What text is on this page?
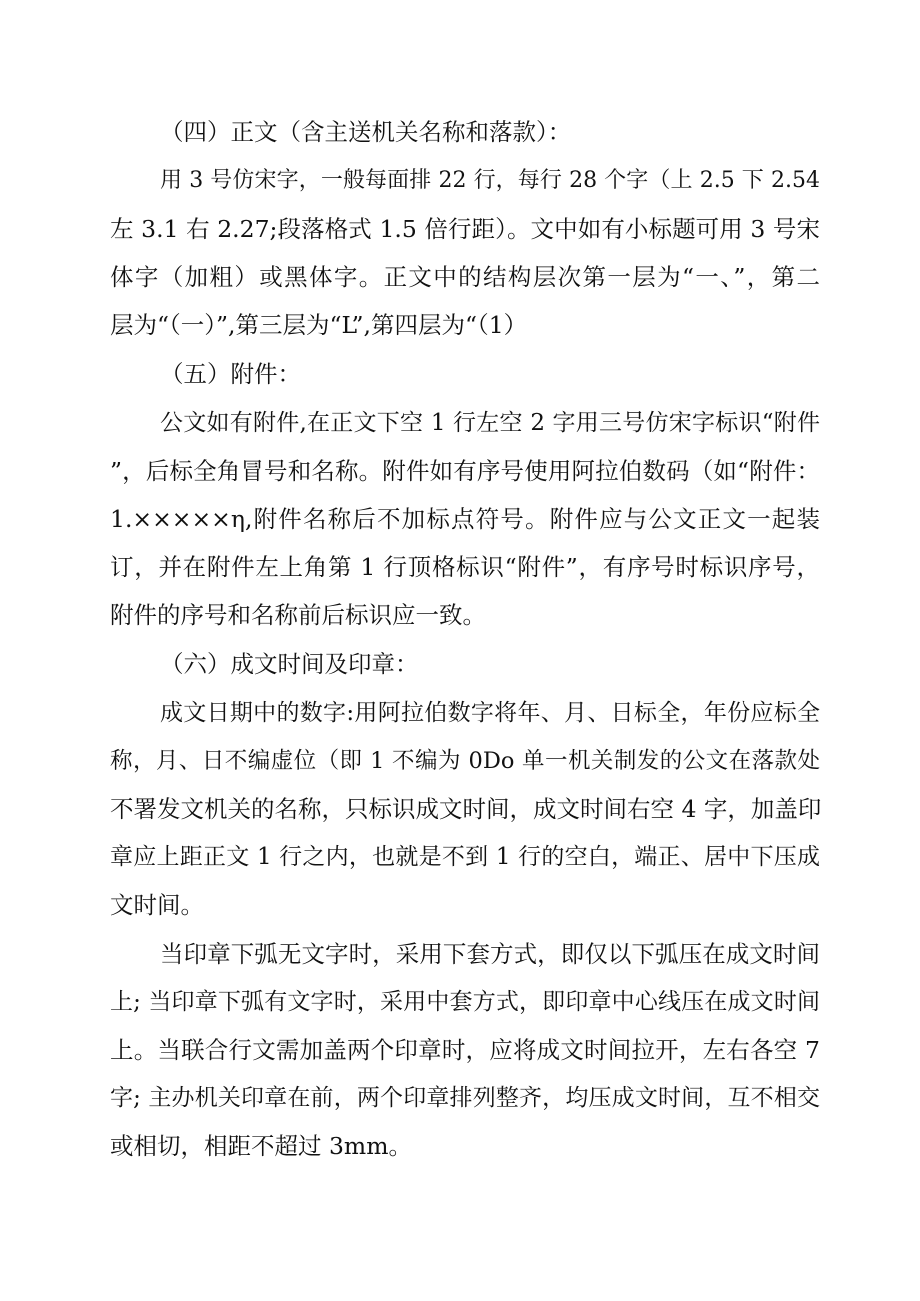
（四）正文（含主送机关名称和落款）：
用 3 号仿宋字，一般每面排 22 行，每行 28 个字（上 2.5 下 2.54
左 3.1 右 2.27;段落格式 1.5 倍行距）。文中如有小标题可用 3 号宋
体字（加粗）或黑体字。正文中的结构层次第一层为“一、”，第二
层为“（一）”,第三层为“L”,第四层为“（1）
（五）附件：
公文如有附件,在正文下空 1 行左空 2 字用三号仿宋字标识“附件
”，后标全角冒号和名称。附件如有序号使用阿拉伯数码（如“附件：
1.×××××η,附件名称后不加标点符号。附件应与公文正文一起装
订，并在附件左上角第 1 行顶格标识“附件”，有序号时标识序号，
附件的序号和名称前后标识应一致。
（六）成文时间及印章：
成文日期中的数字:用阿拉伯数字将年、月、日标全，年份应标全
称，月、日不编虚位（即 1 不编为 0Do 单一机关制发的公文在落款处
不署发文机关的名称，只标识成文时间，成文时间右空 4 字，加盖印
章应上距正文 1 行之内，也就是不到 1 行的空白，端正、居中下压成
文时间。
当印章下弧无文字时，采用下套方式，即仅以下弧压在成文时间
上; 当印章下弧有文字时，采用中套方式，即印章中心线压在成文时间
上。当联合行文需加盖两个印章时，应将成文时间拉开，左右各空 7
字; 主办机关印章在前，两个印章排列整齐，均压成文时间，互不相交
或相切，相距不超过 3mm。
